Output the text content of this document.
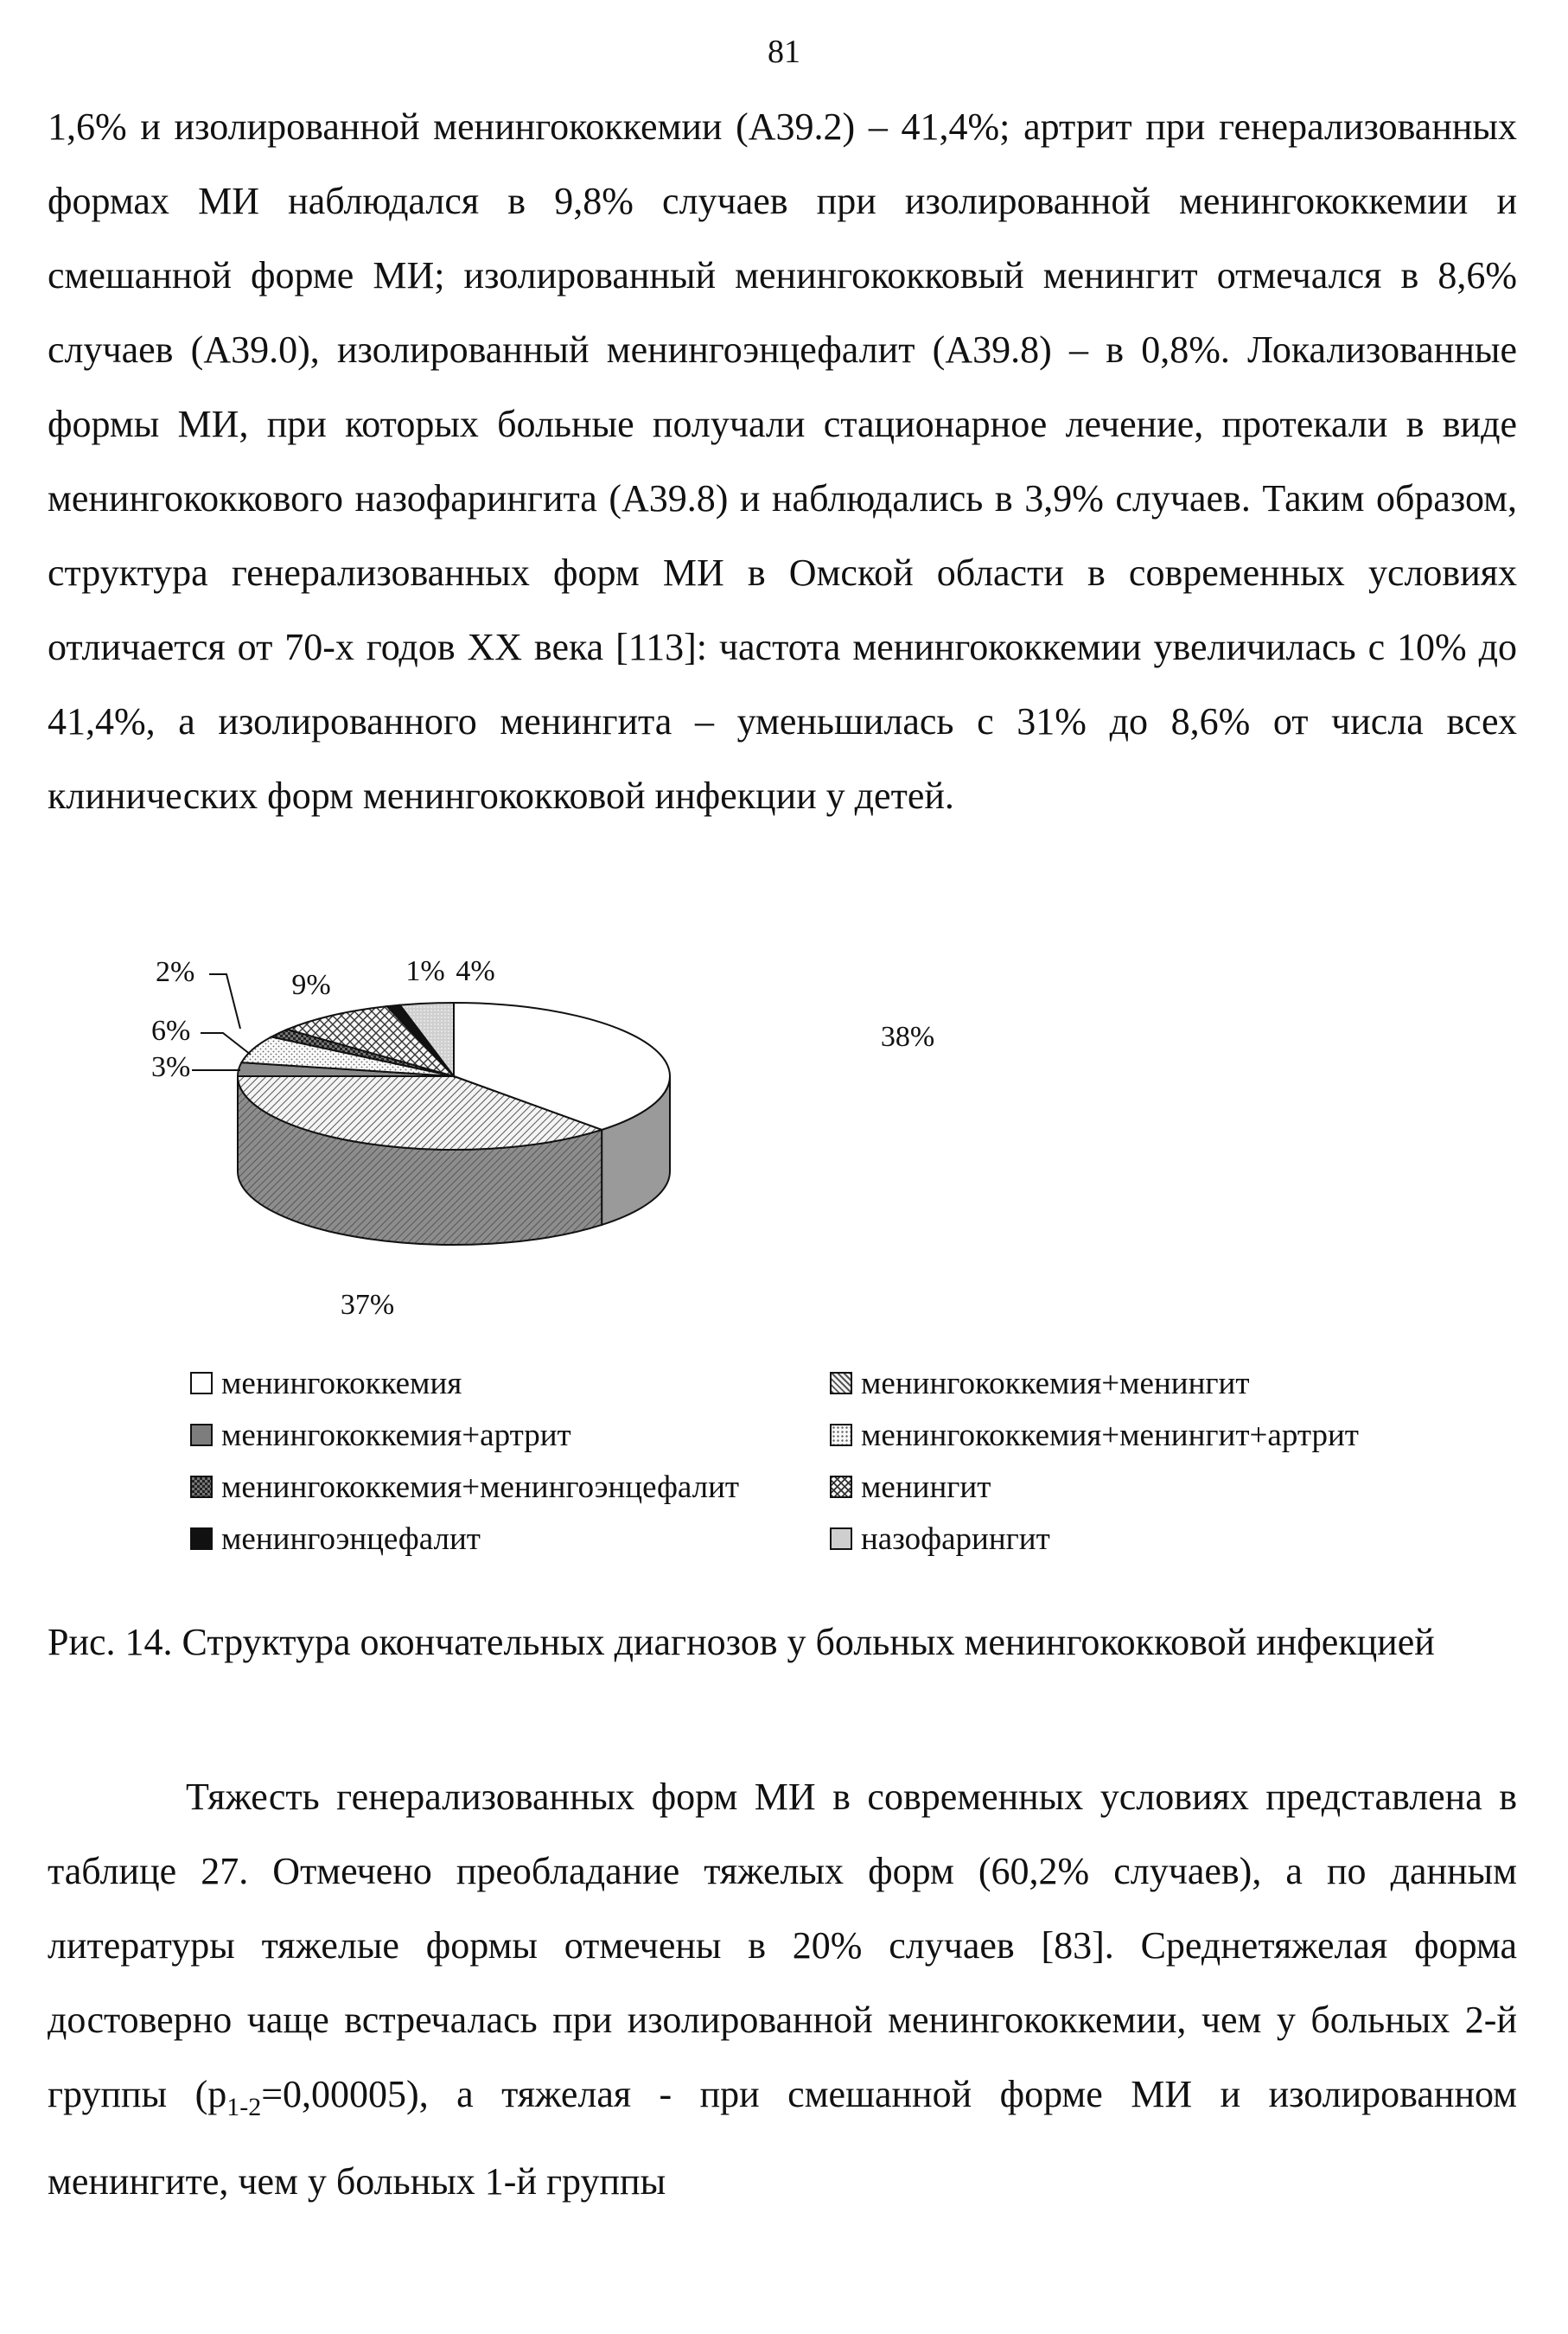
81

1,6% и изолированной менингококкемии (А39.2) – 41,4%; артрит при генерализованных формах МИ наблюдался в 9,8% случаев при изолированной менингококкемии и смешанной форме МИ; изолированный менингококковый менингит отмечался в 8,6% случаев (А39.0), изолированный менингоэнцефалит (А39.8) – в 0,8%. Локализованные формы МИ, при которых больные получали стационарное лечение, протекали в виде менингококкового назофарингита (А39.8) и наблюдались в 3,9% случаев. Таким образом, структура генерализованных форм МИ в Омской области в современных условиях отличается от 70-х годов XX века [113]: частота менингококкемии увеличилась с 10% до 41,4%, а изолированного менингита – уменьшилась с 31% до 8,6% от числа всех клинических форм менингококковой инфекции у детей.

38%
37%
3%
6%
2%	9%	1% 4%
менингококкемия	менингококкемия+менингит
менингококкемия+артрит	менингококкемия+менингит+артрит
менингококкемия+менингоэнцефалит	менингит
менингоэнцефалит	назофарингит

Рис. 14. Структура окончательных диагнозов у больных менингококковой инфекцией

Тяжесть генерализованных форм МИ в современных условиях представлена в таблице 27. Отмечено преобладание тяжелых форм (60,2% случаев), а по данным литературы тяжелые формы отмечены в 20% случаев [83]. Среднетяжелая форма достоверно чаще встречалась при изолированной менингококкемии, чем у больных 2-й группы $(р_{1-2}=0,00005)$, а тяжелая - при смешанной форме МИ и изолированном менингите, чем у больных 1-й группы
